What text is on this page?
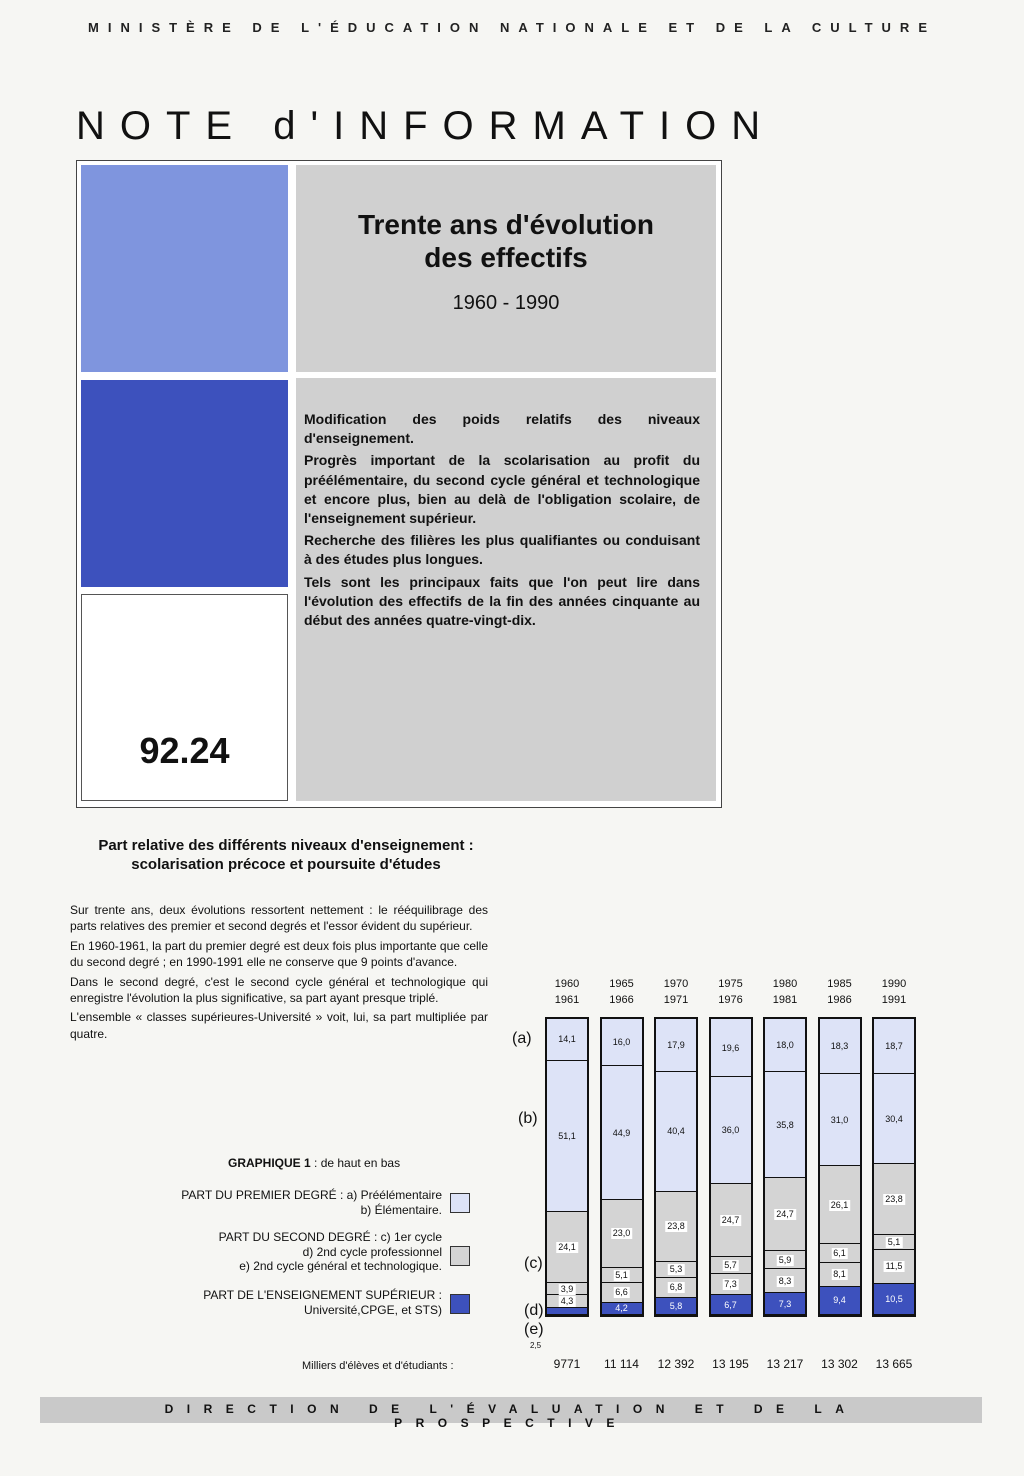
MINISTÈRE DE L'ÉDUCATION NATIONALE ET DE LA CULTURE
NOTE d'INFORMATION
92.24
Trente ans d'évolution
des effectifs
1960 - 1990

Modification des poids relatifs des niveaux d'enseignement.

Progrès important de la scolarisation au profit du préélémentaire, du second cycle général et technologique et encore plus, bien au delà de l'obligation scolaire, de l'enseignement supérieur.

Recherche des filières les plus qualifiantes ou conduisant à des études plus longues.

Tels sont les principaux faits que l'on peut lire dans l'évolution des effectifs de la fin des années cinquante au début des années quatre-vingt-dix.

Part relative des différents niveaux d'enseignement : scolarisation précoce et poursuite d'études

Sur trente ans, deux évolutions ressortent nettement : le rééquilibrage des parts relatives des premier et second degrés et l'essor évident du supérieur.

En 1960-1961, la part du premier degré est deux fois plus importante que celle du second degré ; en 1990-1991 elle ne conserve que 9 points d'avance.

Dans le second degré, c'est le second cycle général et technologique qui enregistre l'évolution la plus significative, sa part ayant presque triplé.

L'ensemble « classes supérieures-Université » voit, lui, sa part multipliée par quatre.

GRAPHIQUE 1 : de haut en bas
PART DU PREMIER DEGRÉ : a) Préélémentaire
b) Élémentaire.
PART DU SECOND DEGRÉ : c) 1er cycle
d) 2nd cycle professionnel
e) 2nd cycle général et technologique.
PART DE L'ENSEIGNEMENT SUPÉRIEUR :
Université,CPGE, et STS)
Milliers d'élèves et d'étudiants :
(a)
(b)
(c)
(d)
(e)
2,5
1960
1961
14,1
51,1
24,1
3,9
4,3
9771
1965
1966
16,0
44,9
23,0
5,1
6,6
4,2
11 114
1970
1971
17,9
40,4
23,8
5,3
6,8
5,8
12 392
1975
1976
19,6
36,0
24,7
5,7
7,3
6,7
13 195
1980
1981
18,0
35,8
24,7
5,9
8,3
7,3
13 217
1985
1986
18,3
31,0
26,1
6,1
8,1
9,4
13 302
1990
1991
18,7
30,4
23,8
5,1
11,5
10,5
13 665
DIRECTION DE L'ÉVALUATION ET DE LA PROSPECTIVE
